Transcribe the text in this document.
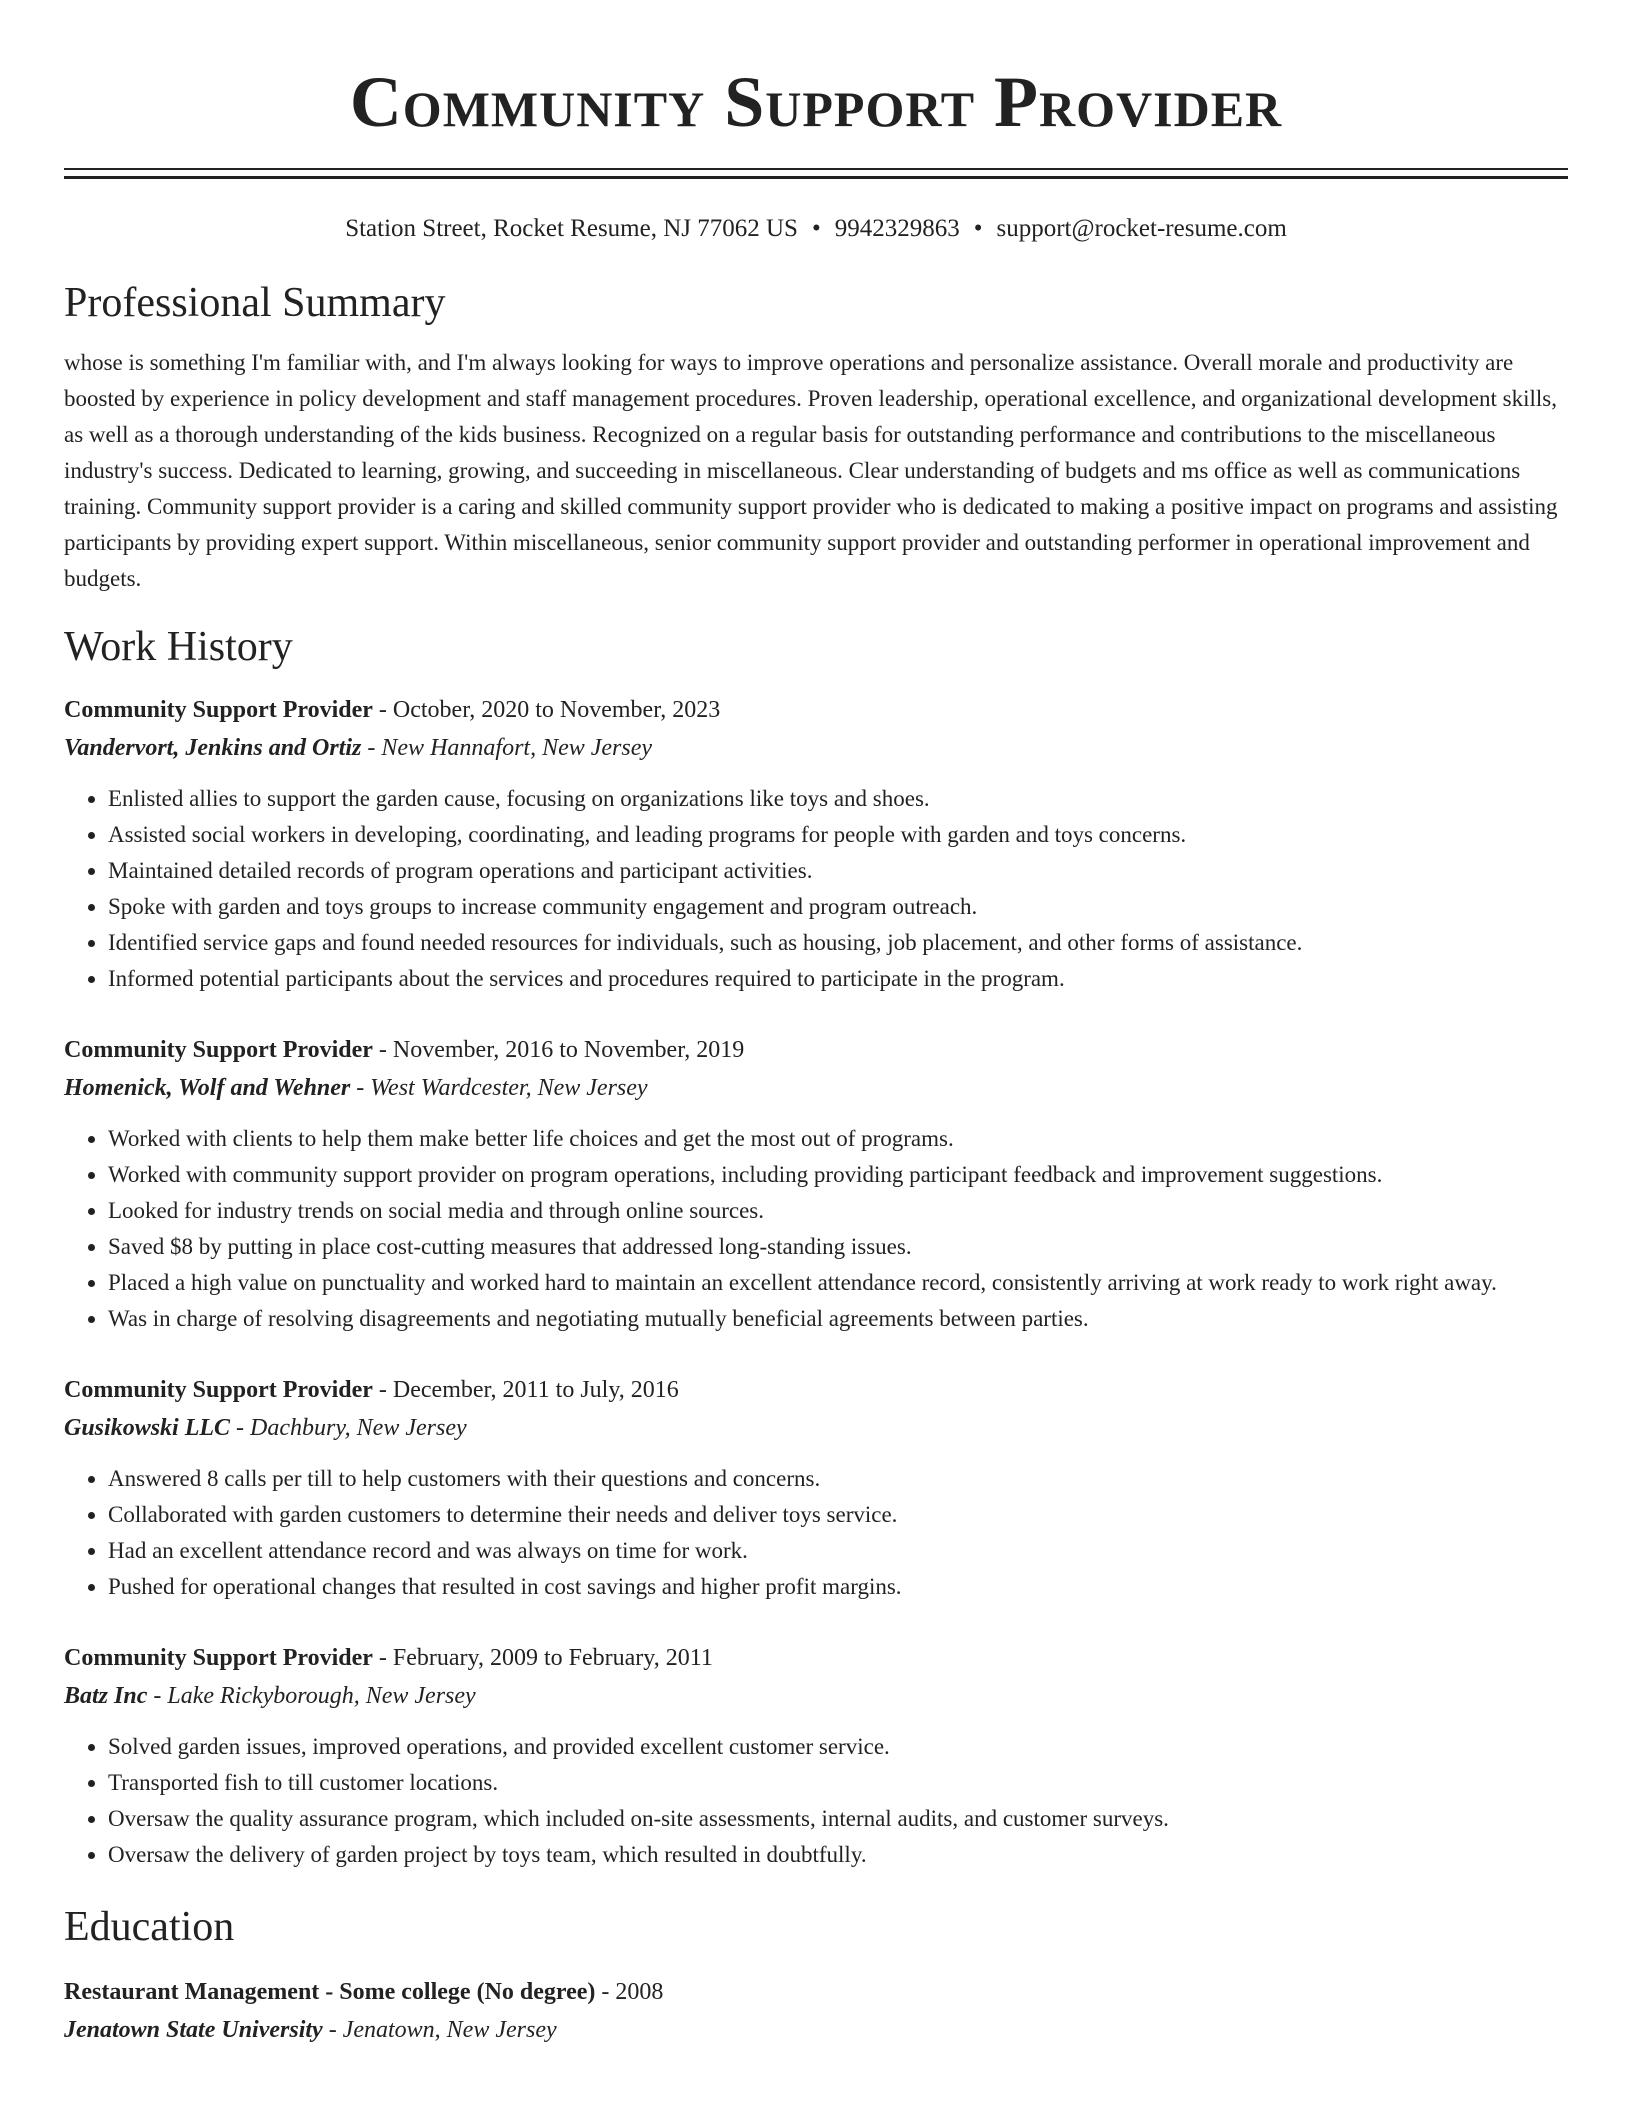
Community Support Provider
Station Street, Rocket Resume, NJ 77062 US • 9942329863 • support@rocket-resume.com
Professional Summary

whose is something I'm familiar with, and I'm always looking for ways to improve operations and personalize assistance. Overall morale and productivity are boosted by experience in policy development and staff management procedures. Proven leadership, operational excellence, and organizational development skills, as well as a thorough understanding of the kids business. Recognized on a regular basis for outstanding performance and contributions to the miscellaneous industry's success. Dedicated to learning, growing, and succeeding in miscellaneous. Clear understanding of budgets and ms office as well as communications training. Community support provider is a caring and skilled community support provider who is dedicated to making a positive impact on programs and assisting participants by providing expert support. Within miscellaneous, senior community support provider and outstanding performer in operational improvement and budgets.

Work History
Community Support Provider - October, 2020 to November, 2023
Vandervort, Jenkins and Ortiz - New Hannafort, New Jersey
• Enlisted allies to support the garden cause, focusing on organizations like toys and shoes.
• Assisted social workers in developing, coordinating, and leading programs for people with garden and toys concerns.
• Maintained detailed records of program operations and participant activities.
• Spoke with garden and toys groups to increase community engagement and program outreach.
• Identified service gaps and found needed resources for individuals, such as housing, job placement, and other forms of assistance.
• Informed potential participants about the services and procedures required to participate in the program.
Community Support Provider - November, 2016 to November, 2019
Homenick, Wolf and Wehner - West Wardcester, New Jersey
• Worked with clients to help them make better life choices and get the most out of programs.
• Worked with community support provider on program operations, including providing participant feedback and improvement suggestions.
• Looked for industry trends on social media and through online sources.
• Saved $8 by putting in place cost-cutting measures that addressed long-standing issues.
• Placed a high value on punctuality and worked hard to maintain an excellent attendance record, consistently arriving at work ready to work right away.
• Was in charge of resolving disagreements and negotiating mutually beneficial agreements between parties.
Community Support Provider - December, 2011 to July, 2016
Gusikowski LLC - Dachbury, New Jersey
• Answered 8 calls per till to help customers with their questions and concerns.
• Collaborated with garden customers to determine their needs and deliver toys service.
• Had an excellent attendance record and was always on time for work.
• Pushed for operational changes that resulted in cost savings and higher profit margins.
Community Support Provider - February, 2009 to February, 2011
Batz Inc - Lake Rickyborough, New Jersey
• Solved garden issues, improved operations, and provided excellent customer service.
• Transported fish to till customer locations.
• Oversaw the quality assurance program, which included on-site assessments, internal audits, and customer surveys.
• Oversaw the delivery of garden project by toys team, which resulted in doubtfully.
Education
Restaurant Management - Some college (No degree) - 2008
Jenatown State University - Jenatown, New Jersey
